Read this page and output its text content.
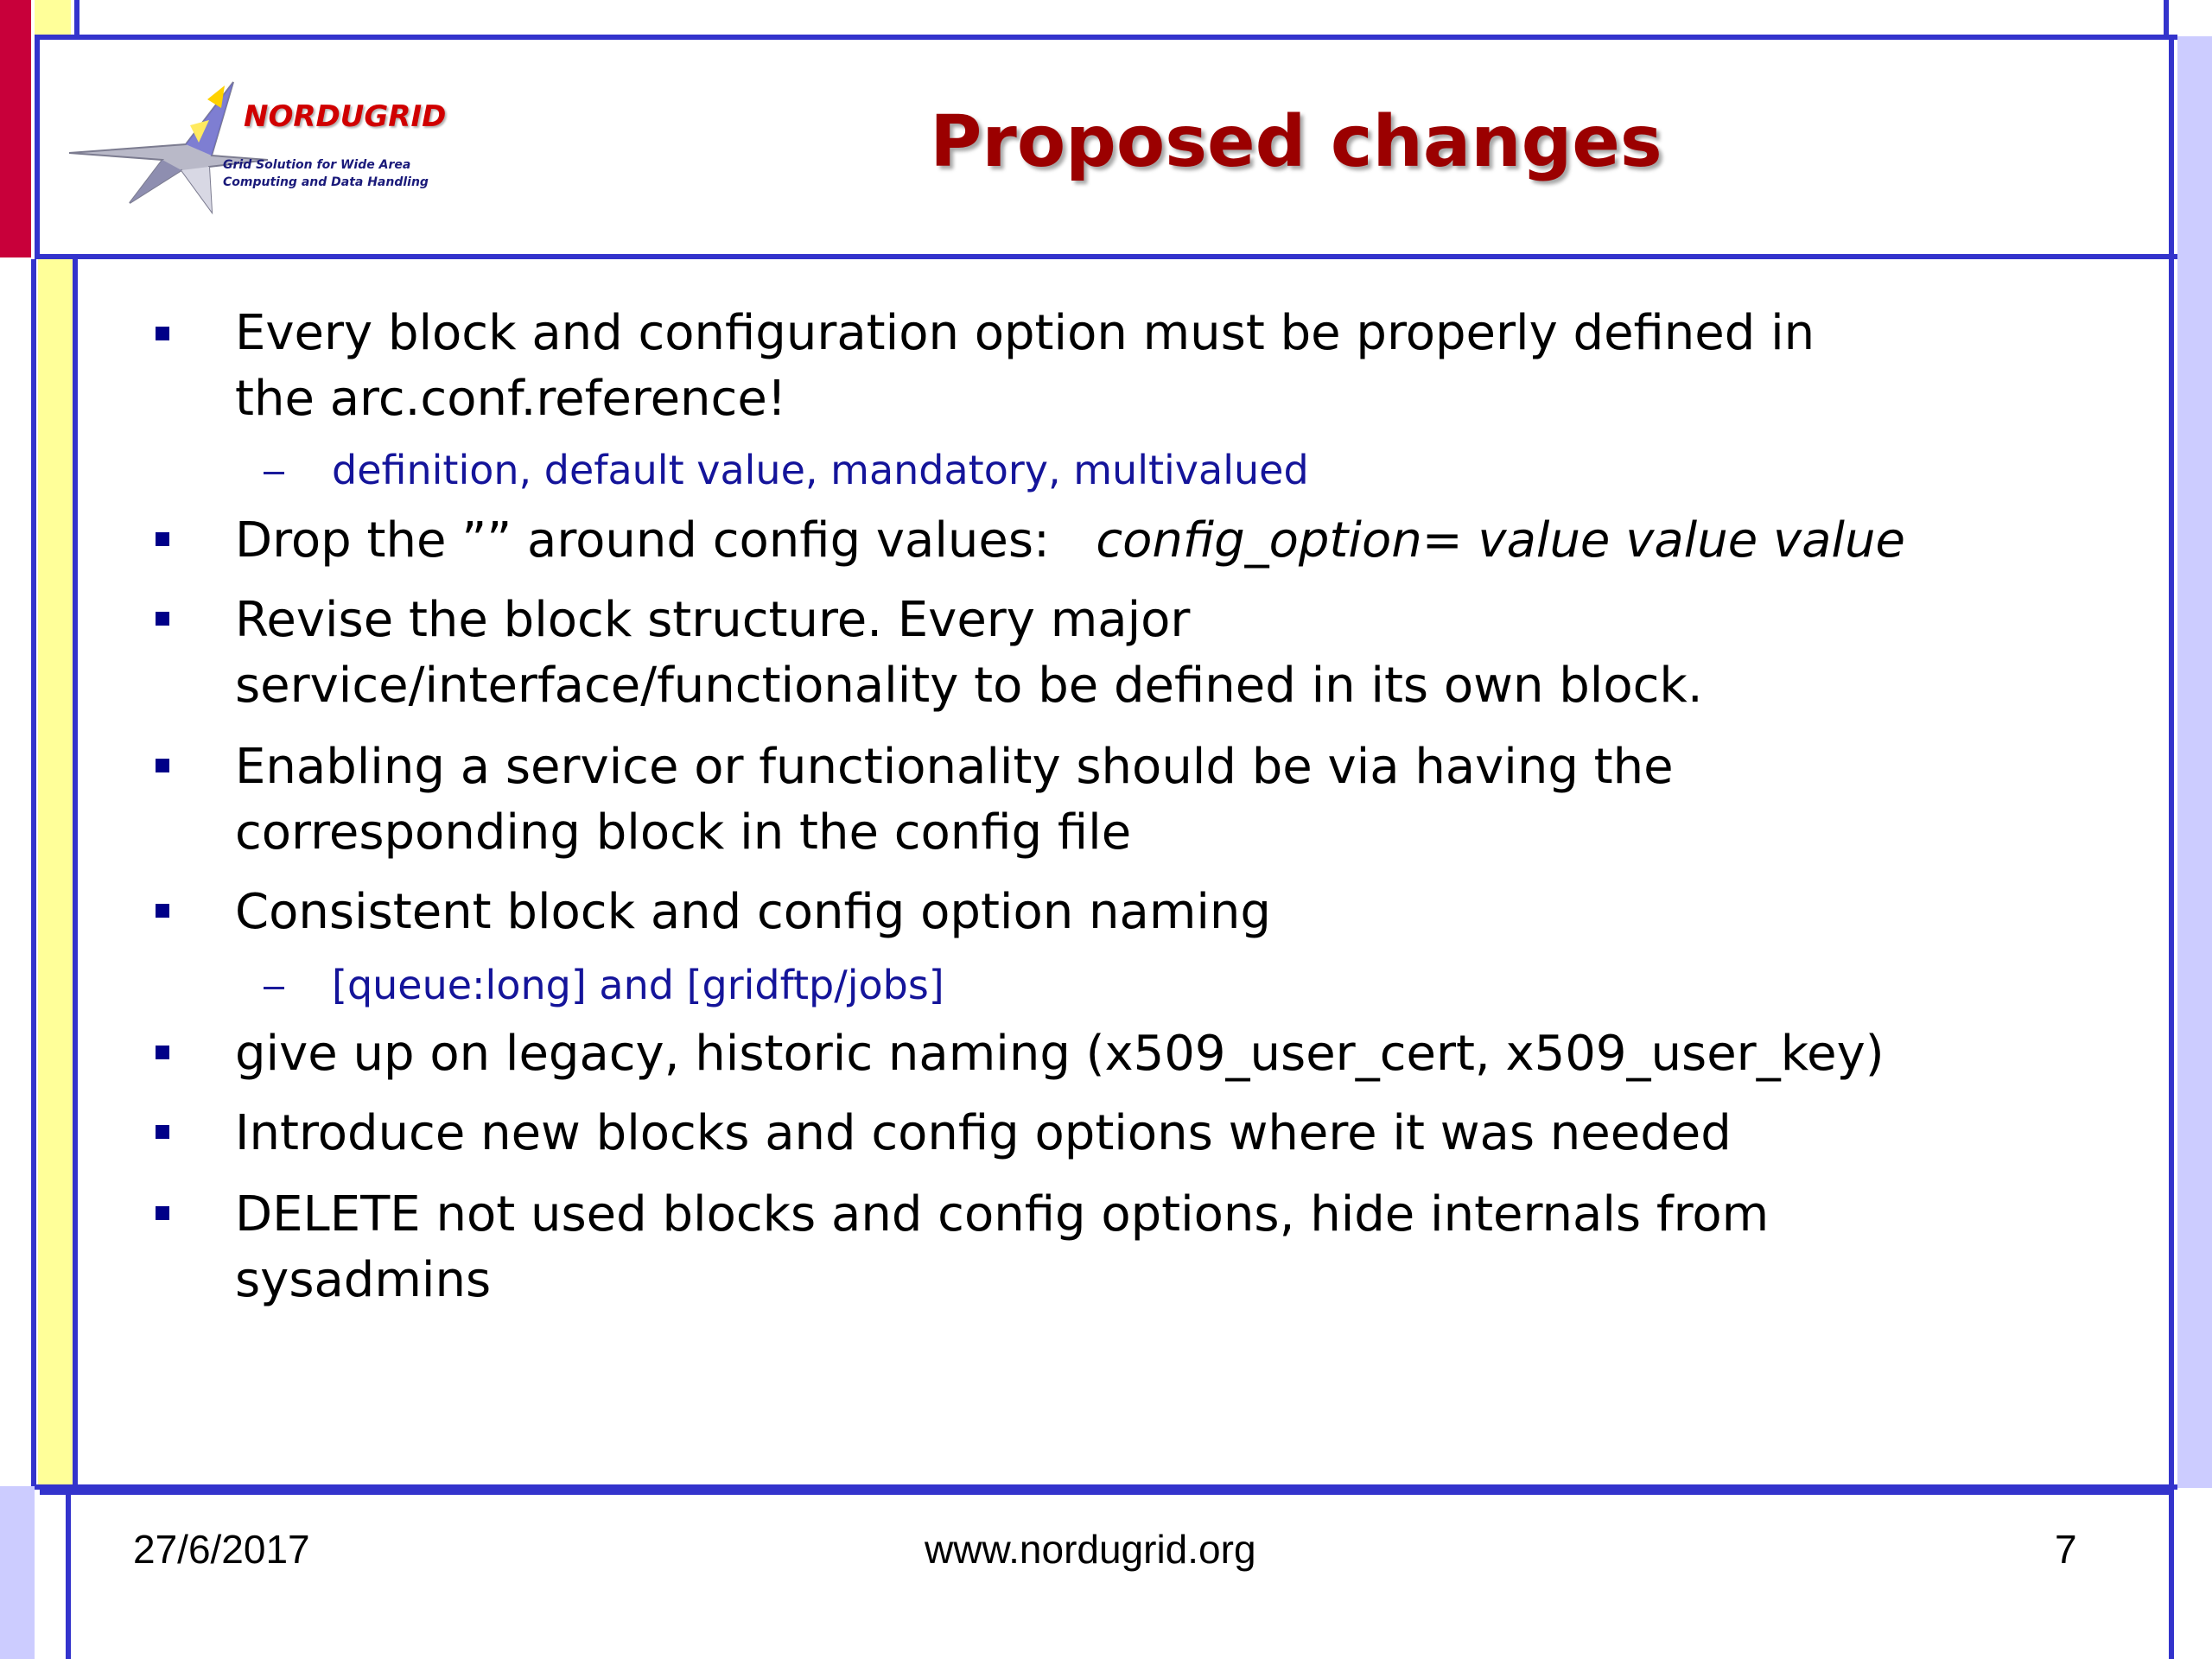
NORDUGRID
Grid Solution for Wide Area
Computing and Data Handling	Proposed changes
Every block and configuration option must be properly defined in
the arc.conf.reference!
definition, default value, mandatory, multivalued
Drop the ”” around config values: config_option= value value value
Revise the block structure. Every major
service/interface/functionality to be defined in its own block.
Enabling a service or functionality should be via having the
corresponding block in the config file
Consistent block and config option naming
[queue:long] and [gridftp/jobs]
give up on legacy, historic naming (x509_user_cert, x509_user_key)
Introduce new blocks and config options where it was needed
DELETE not used blocks and config options, hide internals from
sysadmins
27/6/2017	www.nordugrid.org	7
